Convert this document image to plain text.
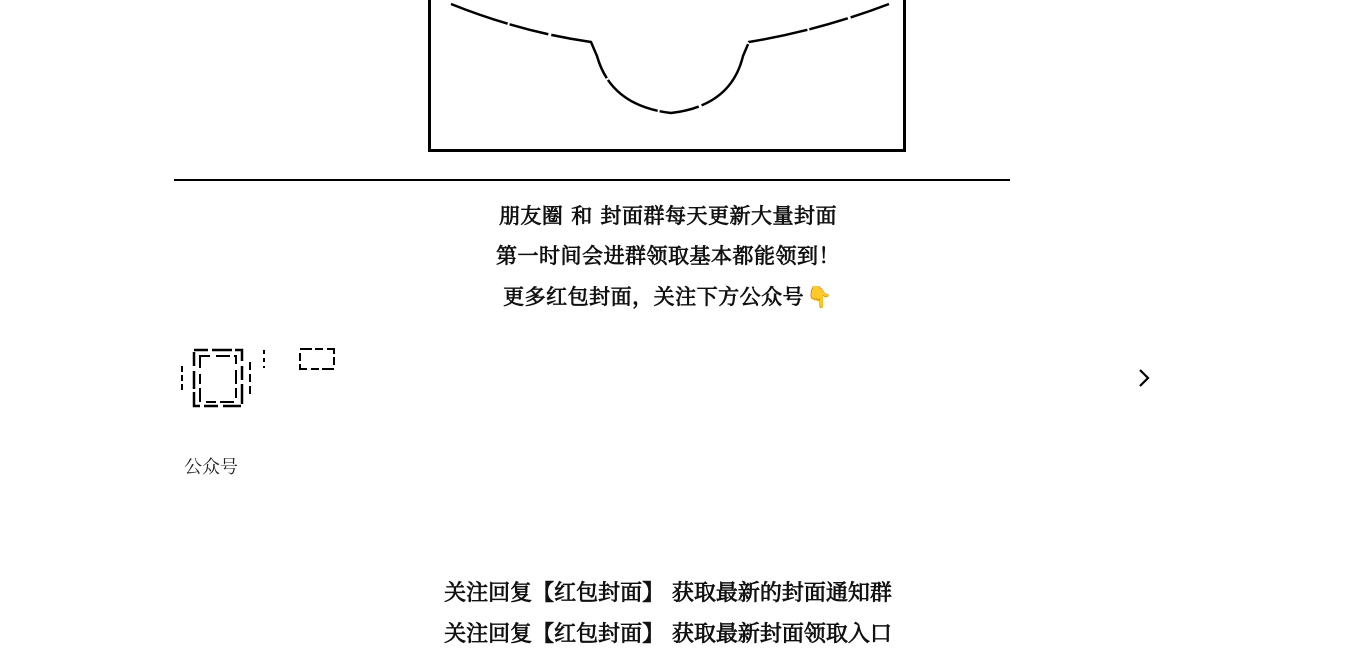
朋友圈 和 封面群每天更新大量封面
第一时间会进群领取基本都能领到！
更多红包封面，关注下方公众号👇
公众号
关注回复【红包封面】 获取最新的封面通知群
关注回复【红包封面】 获取最新封面领取入口
